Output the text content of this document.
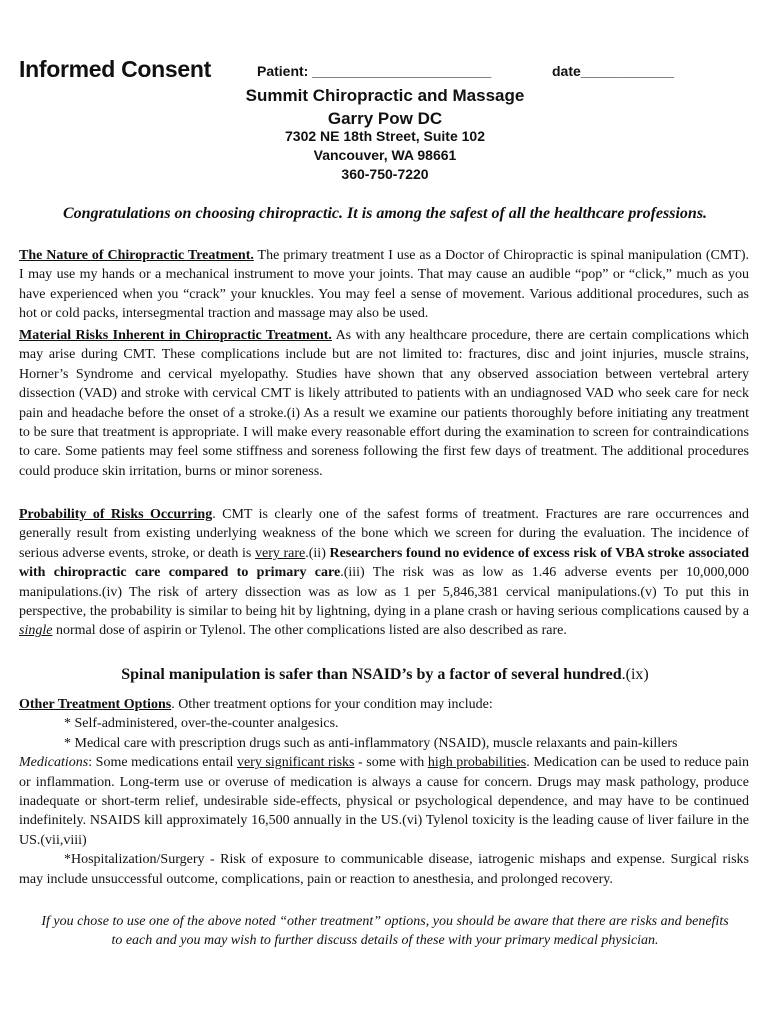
Informed Consent	Patient: _______________________	date____________
Summit Chiropractic and Massage
Garry Pow DC
7302 NE 18th Street, Suite 102
Vancouver, WA 98661
360-750-7220
Congratulations on choosing chiropractic. It is among the safest of all the healthcare professions.

The Nature of Chiropractic Treatment. The primary treatment I use as a Doctor of Chiropractic is spinal manipulation (CMT). I may use my hands or a mechanical instrument to move your joints. That may cause an audible “pop” or “click,” much as you have experienced when you “crack” your knuckles. You may feel a sense of movement. Various additional procedures, such as hot or cold packs, intersegmental traction and massage may also be used.

Material Risks Inherent in Chiropractic Treatment. As with any healthcare procedure, there are certain complications which may arise during CMT. These complications include but are not limited to: fractures, disc and joint injuries, muscle strains, Horner’s Syndrome and cervical myelopathy. Studies have shown that any observed association between vertebral artery dissection (VAD) and stroke with cervical CMT is likely attributed to patients with an undiagnosed VAD who seek care for neck pain and headache before the onset of a stroke.(i) As a result we examine our patients thoroughly before initiating any treatment to be sure that treatment is appropriate. I will make every reasonable effort during the examination to screen for contraindications to care. Some patients may feel some stiffness and soreness following the first few days of treatment. The additional procedures could produce skin irritation, burns or minor soreness.

Probability of Risks Occurring. CMT is clearly one of the safest forms of treatment. Fractures are rare occurrences and generally result from existing underlying weakness of the bone which we screen for during the evaluation. The incidence of serious adverse events, stroke, or death is very rare.(ii) Researchers found no evidence of excess risk of VBA stroke associated with chiropractic care compared to primary care.(iii) The risk was as low as 1.46 adverse events per 10,000,000 manipulations.(iv) The risk of artery dissection was as low as 1 per 5,846,381 cervical manipulations.(v) To put this in perspective, the probability is similar to being hit by lightning, dying in a plane crash or having serious complications caused by a single normal dose of aspirin or Tylenol. The other complications listed are also described as rare.

Spinal manipulation is safer than NSAID’s by a factor of several hundred.(ix)

Other Treatment Options. Other treatment options for your condition may include:

* Self-administered, over-the-counter analgesics.

* Medical care with prescription drugs such as anti-inflammatory (NSAID), muscle relaxants and pain-killers

Medications: Some medications entail very significant risks - some with high probabilities. Medication can be used to reduce pain or inflammation. Long-term use or overuse of medication is always a cause for concern. Drugs may mask pathology, produce inadequate or short-term relief, undesirable side-effects, physical or psychological dependence, and may have to be continued indefinitely. NSAIDS kill approximately 16,500 annually in the US.(vi) Tylenol toxicity is the leading cause of liver failure in the US.(vii,viii)

*Hospitalization/Surgery - Risk of exposure to communicable disease, iatrogenic mishaps and expense. Surgical risks may include unsuccessful outcome, complications, pain or reaction to anesthesia, and prolonged recovery.

If you chose to use one of the above noted “other treatment” options, you should be aware that there are risks and benefits to each and you may wish to further discuss details of these with your primary medical physician.
